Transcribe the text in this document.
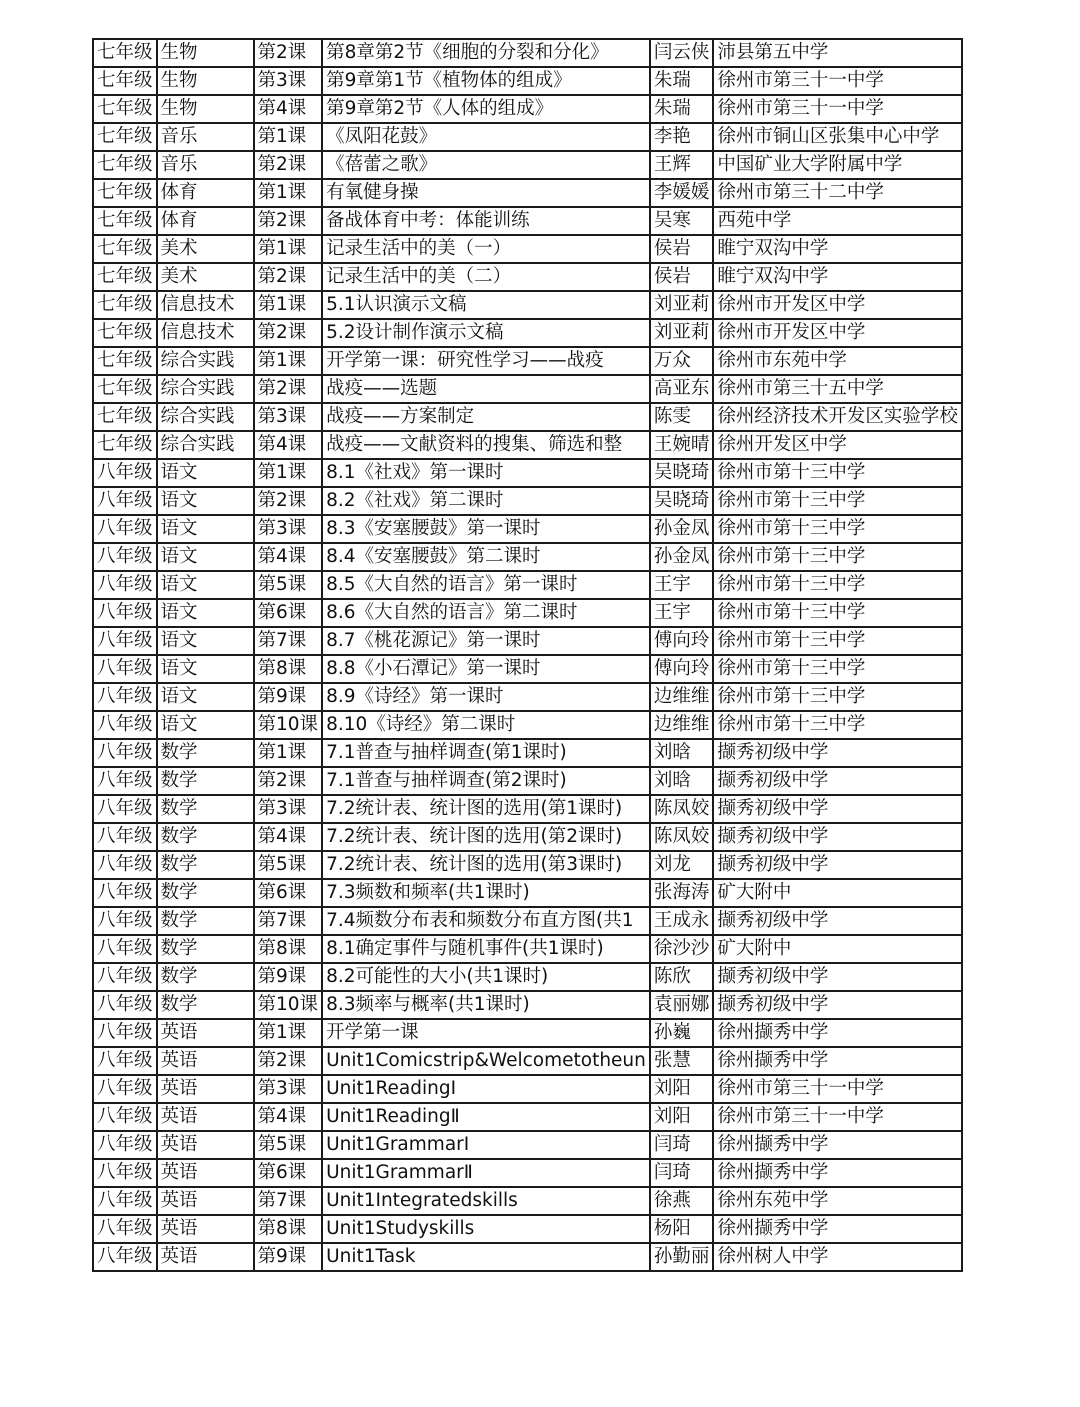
七年级	生物	第2课	第8章第2节《细胞的分裂和分化》	闫云侠	沛县第五中学
七年级	生物	第3课	第9章第1节《植物体的组成》	朱瑞	徐州市第三十一中学
七年级	生物	第4课	第9章第2节《人体的组成》	朱瑞	徐州市第三十一中学
七年级	音乐	第1课	《凤阳花鼓》	李艳	徐州市铜山区张集中心中学
七年级	音乐	第2课	《蓓蕾之歌》	王辉	中国矿业大学附属中学
七年级	体育	第1课	有氧健身操	李媛媛	徐州市第三十二中学
七年级	体育	第2课	备战体育中考：体能训练	吴寒	西苑中学
七年级	美术	第1课	记录生活中的美（一）	侯岩	睢宁双沟中学
七年级	美术	第2课	记录生活中的美（二）	侯岩	睢宁双沟中学
七年级	信息技术	第1课	5.1认识演示文稿	刘亚莉	徐州市开发区中学
七年级	信息技术	第2课	5.2设计制作演示文稿	刘亚莉	徐州市开发区中学
七年级	综合实践	第1课	开学第一课：研究性学习——战疫	万众	徐州市东苑中学
七年级	综合实践	第2课	战疫——选题	高亚东	徐州市第三十五中学
七年级	综合实践	第3课	战疫——方案制定	陈雯	徐州经济技术开发区实验学校
七年级	综合实践	第4课	战疫——文献资料的搜集、筛选和整	王婉晴	徐州开发区中学
八年级	语文	第1课	8.1《社戏》第一课时	吴晓琦	徐州市第十三中学
八年级	语文	第2课	8.2《社戏》第二课时	吴晓琦	徐州市第十三中学
八年级	语文	第3课	8.3《安塞腰鼓》第一课时	孙金凤	徐州市第十三中学
八年级	语文	第4课	8.4《安塞腰鼓》第二课时	孙金凤	徐州市第十三中学
八年级	语文	第5课	8.5《大自然的语言》第一课时	王宇	徐州市第十三中学
八年级	语文	第6课	8.6《大自然的语言》第二课时	王宇	徐州市第十三中学
八年级	语文	第7课	8.7《桃花源记》第一课时	傅向玲	徐州市第十三中学
八年级	语文	第8课	8.8《小石潭记》第一课时	傅向玲	徐州市第十三中学
八年级	语文	第9课	8.9《诗经》第一课时	边维维	徐州市第十三中学
八年级	语文	第10课	8.10《诗经》第二课时	边维维	徐州市第十三中学
八年级	数学	第1课	7.1普查与抽样调查(第1课时)	刘晗	撷秀初级中学
八年级	数学	第2课	7.1普查与抽样调查(第2课时)	刘晗	撷秀初级中学
八年级	数学	第3课	7.2统计表、统计图的选用(第1课时)	陈凤姣	撷秀初级中学
八年级	数学	第4课	7.2统计表、统计图的选用(第2课时)	陈凤姣	撷秀初级中学
八年级	数学	第5课	7.2统计表、统计图的选用(第3课时)	刘龙	撷秀初级中学
八年级	数学	第6课	7.3频数和频率(共1课时)	张海涛	矿大附中
八年级	数学	第7课	7.4频数分布表和频数分布直方图(共1	王成永	撷秀初级中学
八年级	数学	第8课	8.1确定事件与随机事件(共1课时)	徐沙沙	矿大附中
八年级	数学	第9课	8.2可能性的大小(共1课时)	陈欣	撷秀初级中学
八年级	数学	第10课	8.3频率与概率(共1课时)	袁丽娜	撷秀初级中学
八年级	英语	第1课	开学第一课	孙巍	徐州撷秀中学
八年级	英语	第2课	Unit1Comicstrip&Welcometotheun	张慧	徐州撷秀中学
八年级	英语	第3课	Unit1ReadingI	刘阳	徐州市第三十一中学
八年级	英语	第4课	Unit1ReadingⅡ	刘阳	徐州市第三十一中学
八年级	英语	第5课	Unit1GrammarI	闫琦	徐州撷秀中学
八年级	英语	第6课	Unit1GrammarⅡ	闫琦	徐州撷秀中学
八年级	英语	第7课	Unit1Integratedskills	徐燕	徐州东苑中学
八年级	英语	第8课	Unit1Studyskills	杨阳	徐州撷秀中学
八年级	英语	第9课	Unit1Task	孙勤丽	徐州树人中学
